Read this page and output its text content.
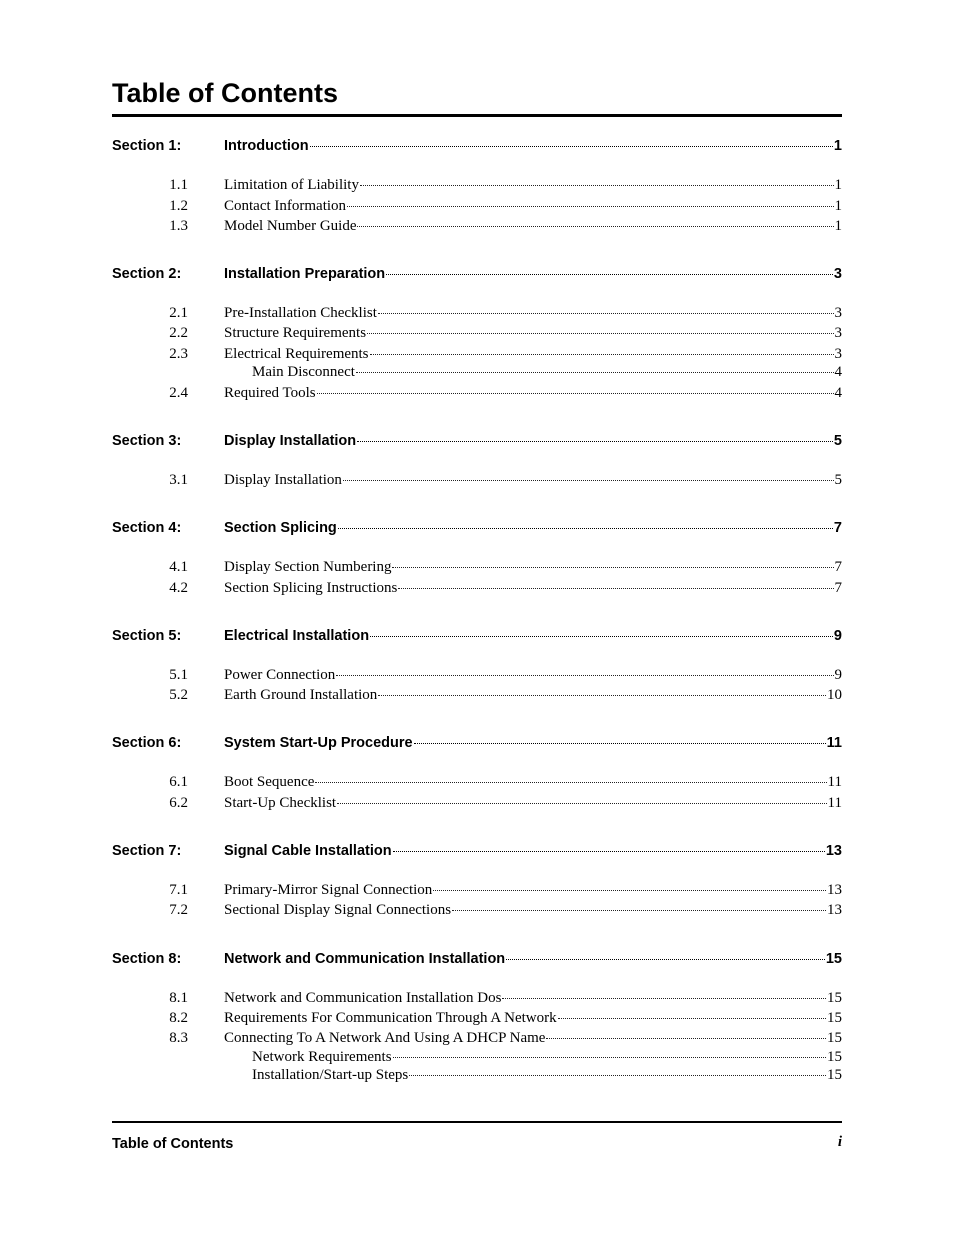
Table of Contents
Section 1:	Introduction	1
1.1 Limitation of Liability	1
1.2 Contact Information	1
1.3 Model Number Guide	1
Section 2:	Installation Preparation	3
2.1 Pre-Installation Checklist	3
2.2 Structure Requirements	3
2.3 Electrical Requirements	3
Main Disconnect	4
2.4 Required Tools	4
Section 3:	Display Installation	5
3.1 Display Installation	5
Section 4:	Section Splicing	7
4.1 Display Section Numbering	7
4.2 Section Splicing Instructions	7
Section 5:	Electrical Installation	9
5.1 Power Connection	9
5.2 Earth Ground Installation	10
Section 6:	System Start-Up Procedure	11
6.1 Boot Sequence	11
6.2 Start-Up Checklist	11
Section 7:	Signal Cable Installation	13
7.1 Primary-Mirror Signal Connection	13
7.2 Sectional Display Signal Connections	13
Section 8:	Network and Communication Installation	15
8.1 Network and Communication Installation Dos	15
8.2 Requirements For Communication Through A Network	15
8.3 Connecting To A Network And Using A DHCP Name	15
Network Requirements	15
Installation/Start-up Steps	15
Table of Contents	i
